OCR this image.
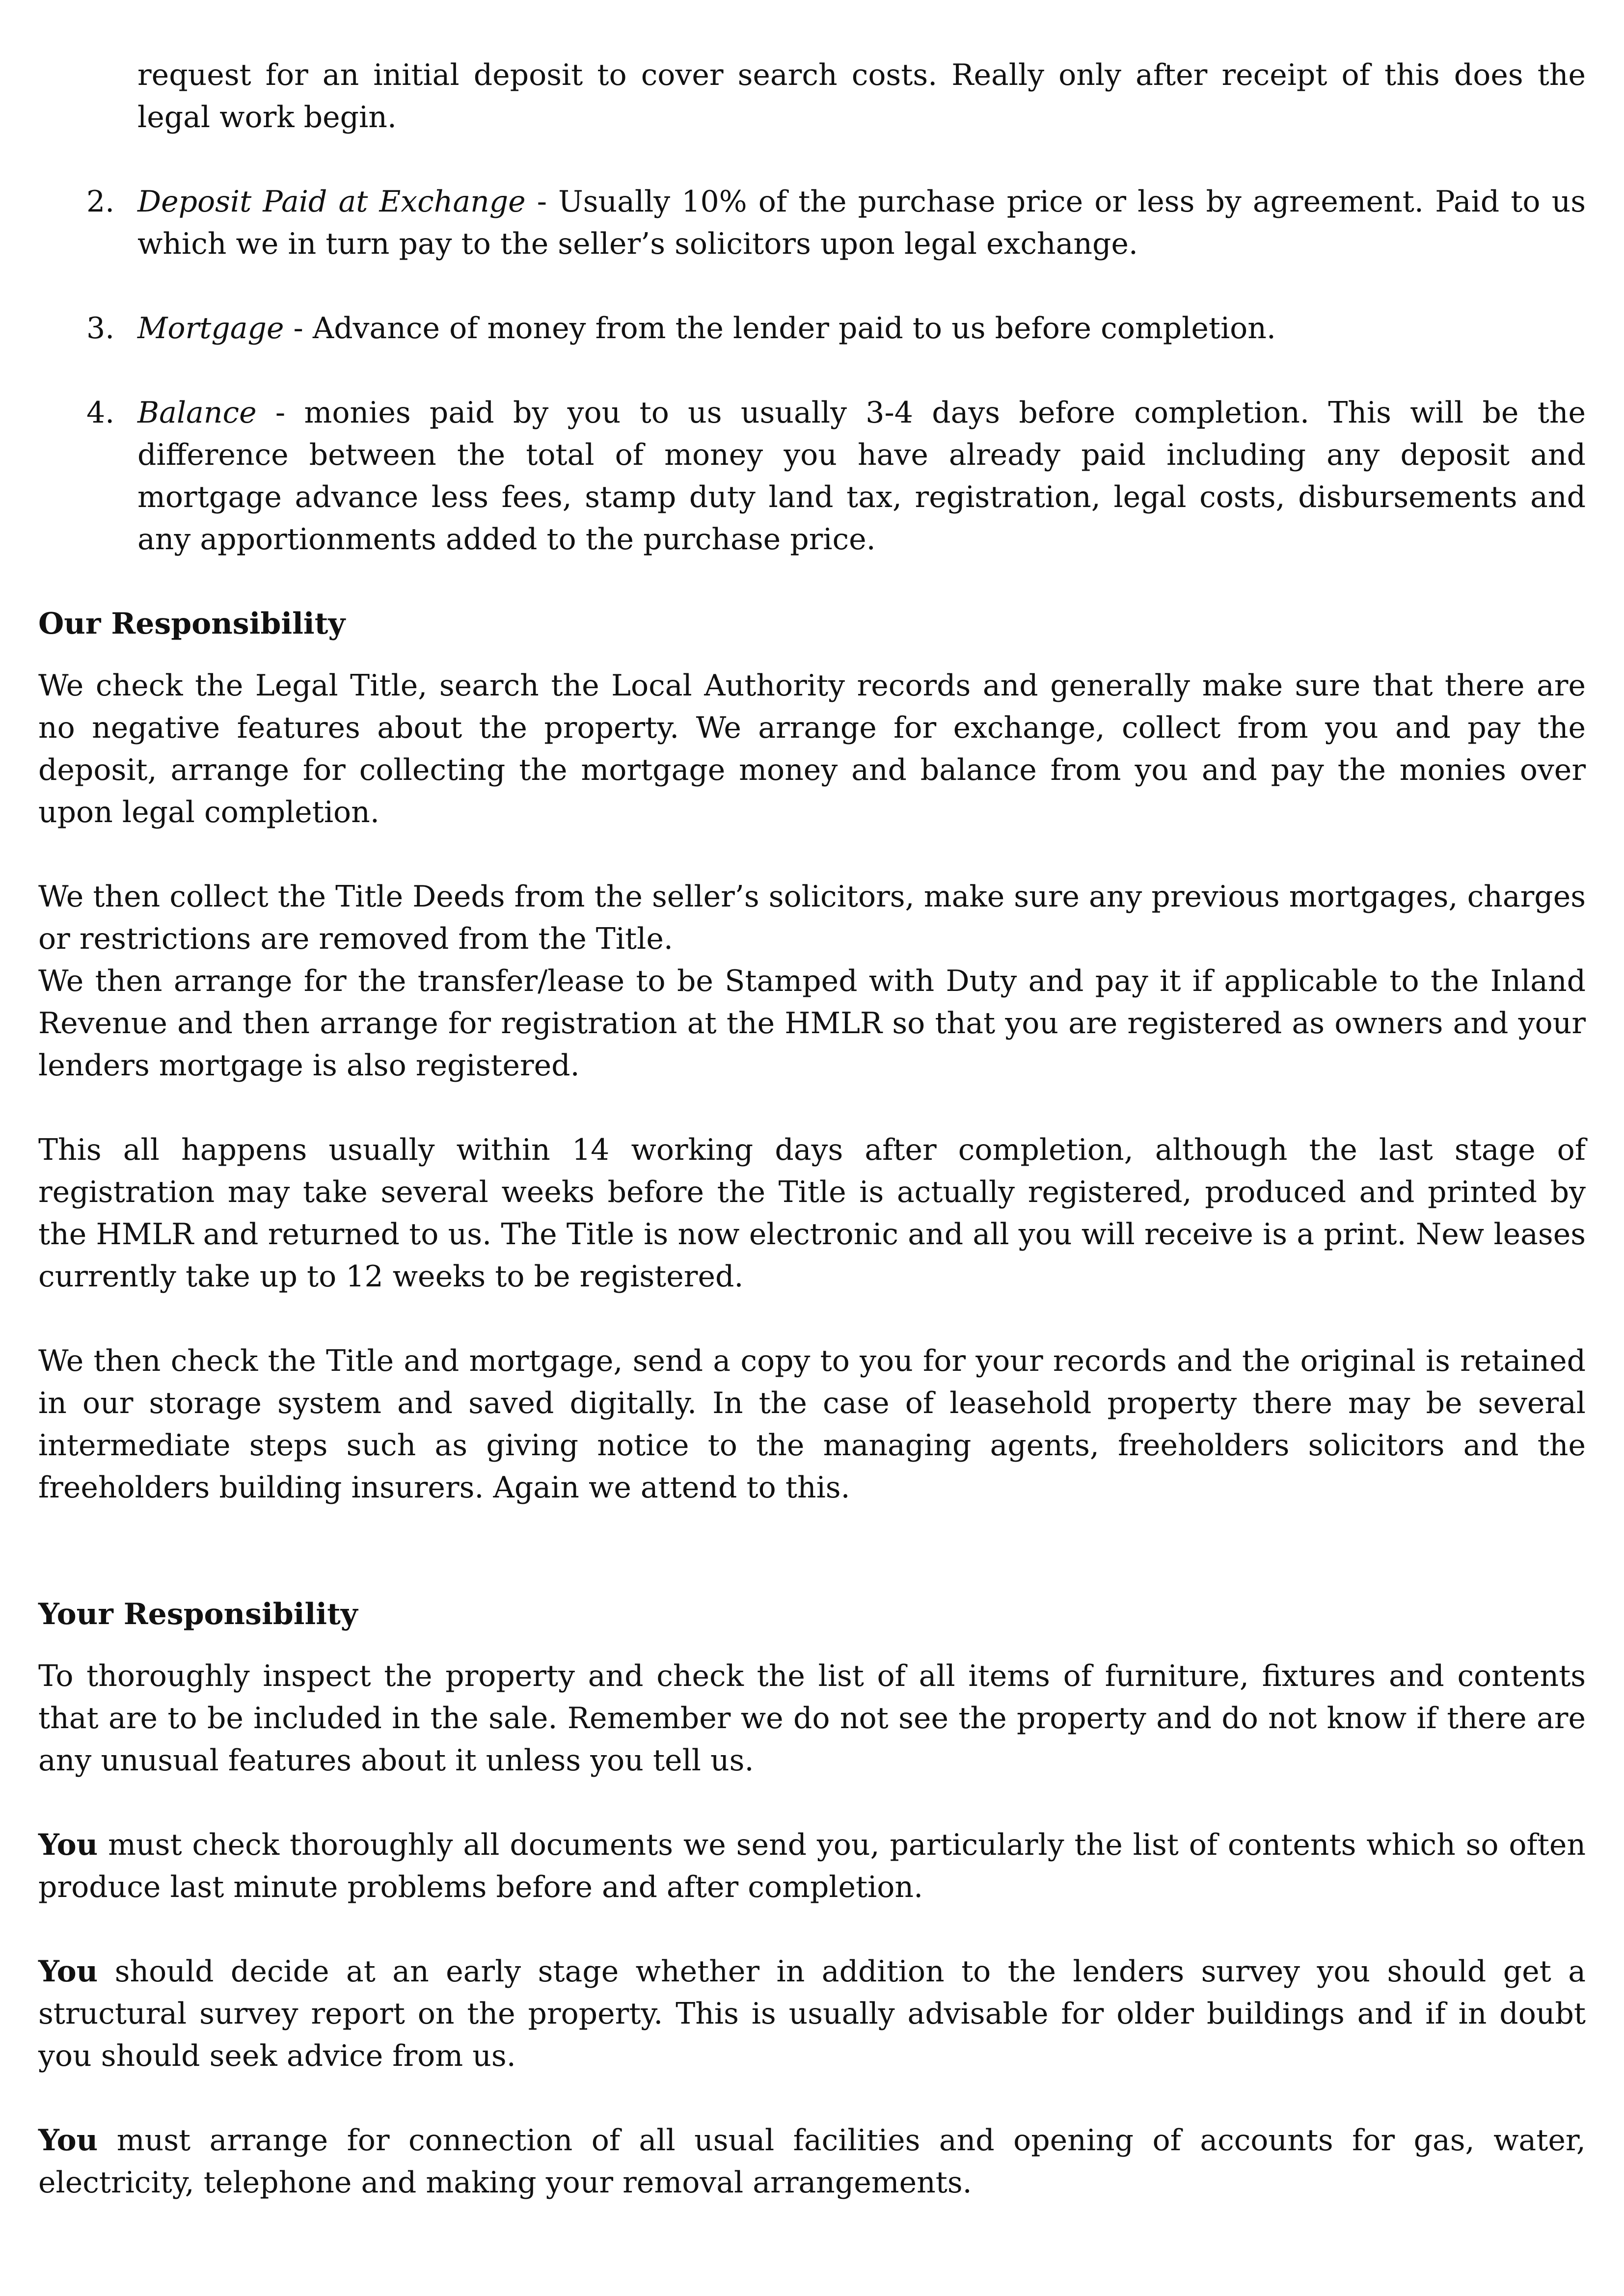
request for an initial deposit to cover search costs. Really only after receipt of this does the legal work begin.
2. Deposit Paid at Exchange - Usually 10% of the purchase price or less by agreement. Paid to us which we in turn pay to the seller’s solicitors upon legal exchange.
3. Mortgage - Advance of money from the lender paid to us before completion.
4. Balance - monies paid by you to us usually 3-4 days before completion. This will be the difference between the total of money you have already paid including any deposit and mortgage advance less fees, stamp duty land tax, registration, legal costs, disbursements and any apportionments added to the purchase price.
Our Responsibility

We check the Legal Title, search the Local Authority records and generally make sure that there are no negative features about the property. We arrange for exchange, collect from you and pay the deposit, arrange for collecting the mortgage money and balance from you and pay the monies over upon legal completion.

We then collect the Title Deeds from the seller’s solicitors, make sure any previous mortgages, charges or restrictions are removed from the Title.

We then arrange for the transfer/lease to be Stamped with Duty and pay it if applicable to the Inland Revenue and then arrange for registration at the HMLR so that you are registered as owners and your lenders mortgage is also registered.

This all happens usually within 14 working days after completion, although the last stage of registration may take several weeks before the Title is actually registered, produced and printed by the HMLR and returned to us. The Title is now electronic and all you will receive is a print. New leases currently take up to 12 weeks to be registered.

We then check the Title and mortgage, send a copy to you for your records and the original is retained in our storage system and saved digitally. In the case of leasehold property there may be several intermediate steps such as giving notice to the managing agents, freeholders solicitors and the freeholders building insurers. Again we attend to this.

Your Responsibility

To thoroughly inspect the property and check the list of all items of furniture, fixtures and contents that are to be included in the sale. Remember we do not see the property and do not know if there are any unusual features about it unless you tell us.

You must check thoroughly all documents we send you, particularly the list of contents which so often produce last minute problems before and after completion.

You should decide at an early stage whether in addition to the lenders survey you should get a structural survey report on the property. This is usually advisable for older buildings and if in doubt you should seek advice from us.

You must arrange for connection of all usual facilities and opening of accounts for gas, water, electricity, telephone and making your removal arrangements.
